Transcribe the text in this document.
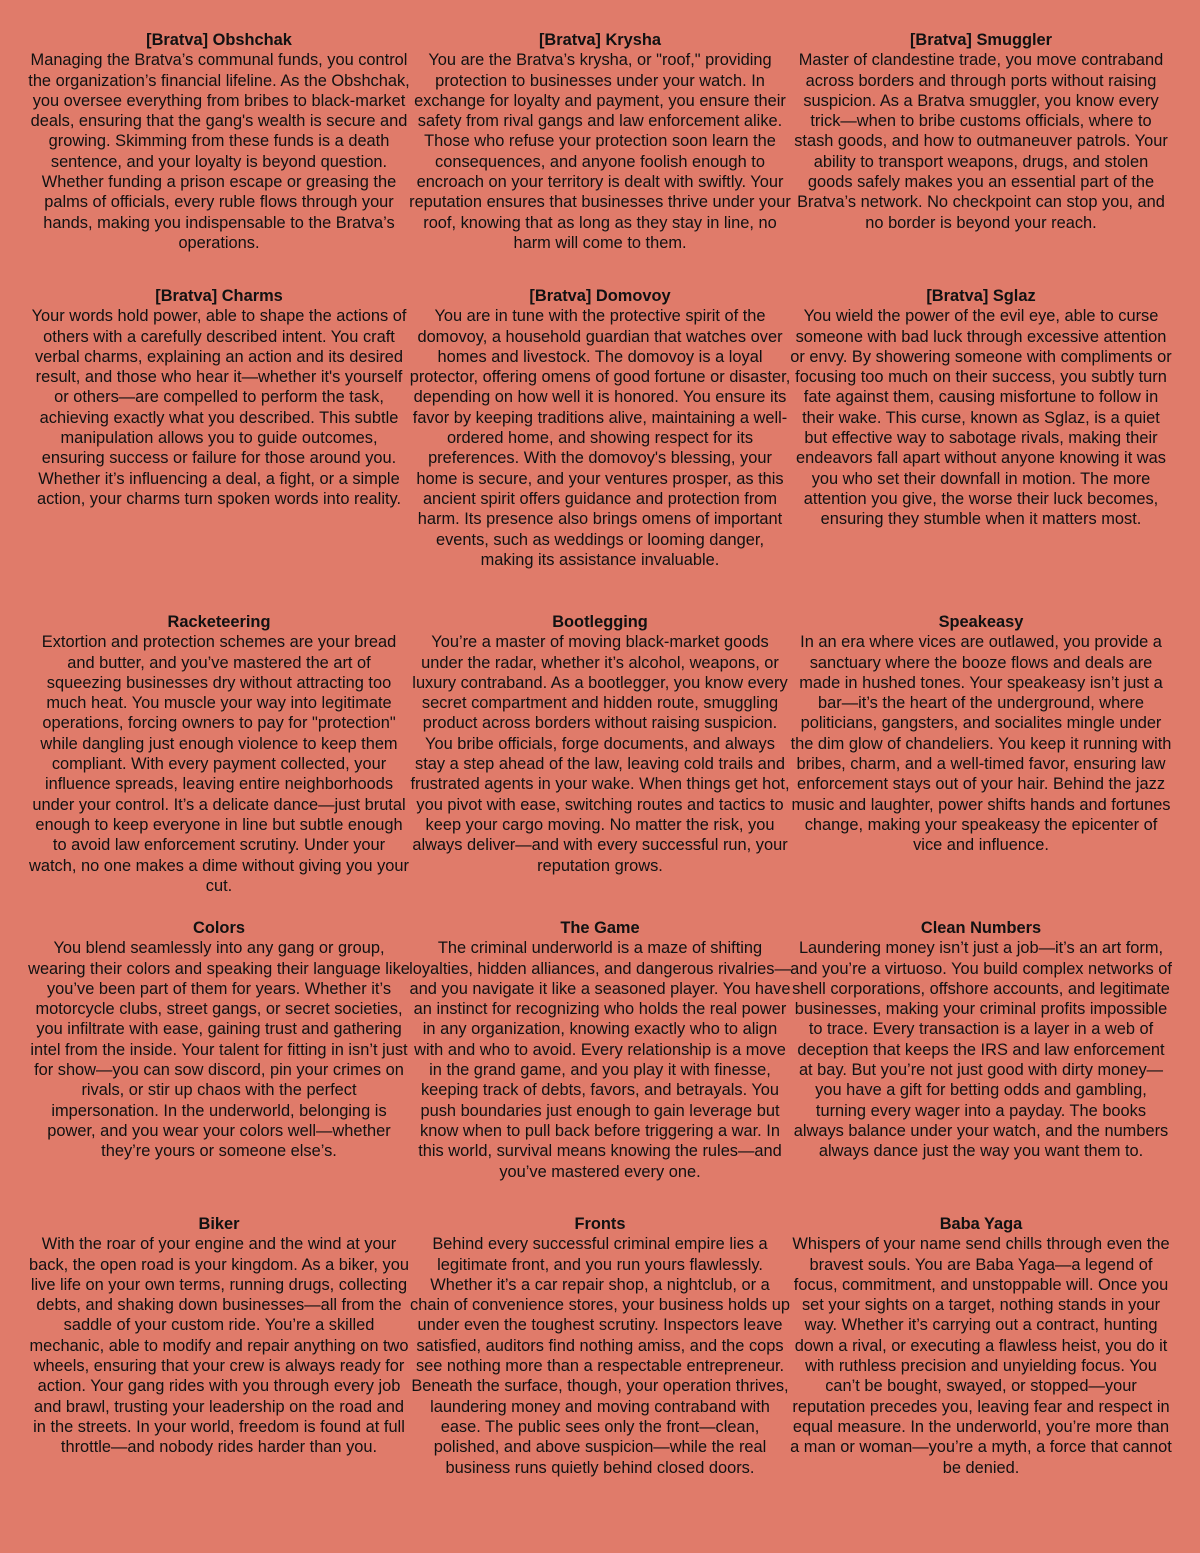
[Bratva] Obshchak
Managing the Bratva’s communal funds, you control the organization’s financial lifeline. As the Obshchak, you oversee everything from bribes to black-market deals, ensuring that the gang's wealth is secure and growing. Skimming from these funds is a death sentence, and your loyalty is beyond question. Whether funding a prison escape or greasing the palms of officials, every ruble flows through your hands, making you indispensable to the Bratva’s operations.
[Bratva] Krysha
You are the Bratva’s krysha, or "roof," providing protection to businesses under your watch. In exchange for loyalty and payment, you ensure their safety from rival gangs and law enforcement alike. Those who refuse your protection soon learn the consequences, and anyone foolish enough to encroach on your territory is dealt with swiftly. Your reputation ensures that businesses thrive under your roof, knowing that as long as they stay in line, no harm will come to them.
[Bratva] Smuggler
Master of clandestine trade, you move contraband across borders and through ports without raising suspicion. As a Bratva smuggler, you know every trick—when to bribe customs officials, where to stash goods, and how to outmaneuver patrols. Your ability to transport weapons, drugs, and stolen goods safely makes you an essential part of the Bratva’s network. No checkpoint can stop you, and no border is beyond your reach.
[Bratva] Charms
Your words hold power, able to shape the actions of others with a carefully described intent. You craft verbal charms, explaining an action and its desired result, and those who hear it—whether it's yourself or others—are compelled to perform the task, achieving exactly what you described. This subtle manipulation allows you to guide outcomes, ensuring success or failure for those around you. Whether it’s influencing a deal, a fight, or a simple action, your charms turn spoken words into reality.
[Bratva] Domovoy
You are in tune with the protective spirit of the domovoy, a household guardian that watches over homes and livestock. The domovoy is a loyal protector, offering omens of good fortune or disaster, depending on how well it is honored. You ensure its favor by keeping traditions alive, maintaining a well-ordered home, and showing respect for its preferences. With the domovoy's blessing, your home is secure, and your ventures prosper, as this ancient spirit offers guidance and protection from harm. Its presence also brings omens of important events, such as weddings or looming danger, making its assistance invaluable.
[Bratva] Sglaz
You wield the power of the evil eye, able to curse someone with bad luck through excessive attention or envy. By showering someone with compliments or focusing too much on their success, you subtly turn fate against them, causing misfortune to follow in their wake. This curse, known as Sglaz, is a quiet but effective way to sabotage rivals, making their endeavors fall apart without anyone knowing it was you who set their downfall in motion. The more attention you give, the worse their luck becomes, ensuring they stumble when it matters most.
Racketeering
Extortion and protection schemes are your bread and butter, and you’ve mastered the art of squeezing businesses dry without attracting too much heat. You muscle your way into legitimate operations, forcing owners to pay for "protection" while dangling just enough violence to keep them compliant. With every payment collected, your influence spreads, leaving entire neighborhoods under your control. It’s a delicate dance—just brutal enough to keep everyone in line but subtle enough to avoid law enforcement scrutiny. Under your watch, no one makes a dime without giving you your cut.
Bootlegging
You’re a master of moving black-market goods under the radar, whether it’s alcohol, weapons, or luxury contraband. As a bootlegger, you know every secret compartment and hidden route, smuggling product across borders without raising suspicion. You bribe officials, forge documents, and always stay a step ahead of the law, leaving cold trails and frustrated agents in your wake. When things get hot, you pivot with ease, switching routes and tactics to keep your cargo moving. No matter the risk, you always deliver—and with every successful run, your reputation grows.
Speakeasy
In an era where vices are outlawed, you provide a sanctuary where the booze flows and deals are made in hushed tones. Your speakeasy isn’t just a bar—it’s the heart of the underground, where politicians, gangsters, and socialites mingle under the dim glow of chandeliers. You keep it running with bribes, charm, and a well-timed favor, ensuring law enforcement stays out of your hair. Behind the jazz music and laughter, power shifts hands and fortunes change, making your speakeasy the epicenter of vice and influence.
Colors
You blend seamlessly into any gang or group, wearing their colors and speaking their language like you’ve been part of them for years. Whether it’s motorcycle clubs, street gangs, or secret societies, you infiltrate with ease, gaining trust and gathering intel from the inside. Your talent for fitting in isn’t just for show—you can sow discord, pin your crimes on rivals, or stir up chaos with the perfect impersonation. In the underworld, belonging is power, and you wear your colors well—whether they’re yours or someone else’s.
The Game
The criminal underworld is a maze of shifting loyalties, hidden alliances, and dangerous rivalries—and you navigate it like a seasoned player. You have an instinct for recognizing who holds the real power in any organization, knowing exactly who to align with and who to avoid. Every relationship is a move in the grand game, and you play it with finesse, keeping track of debts, favors, and betrayals. You push boundaries just enough to gain leverage but know when to pull back before triggering a war. In this world, survival means knowing the rules—and you’ve mastered every one.
Clean Numbers
Laundering money isn’t just a job—it’s an art form, and you’re a virtuoso. You build complex networks of shell corporations, offshore accounts, and legitimate businesses, making your criminal profits impossible to trace. Every transaction is a layer in a web of deception that keeps the IRS and law enforcement at bay. But you’re not just good with dirty money—you have a gift for betting odds and gambling, turning every wager into a payday. The books always balance under your watch, and the numbers always dance just the way you want them to.
Biker
With the roar of your engine and the wind at your back, the open road is your kingdom. As a biker, you live life on your own terms, running drugs, collecting debts, and shaking down businesses—all from the saddle of your custom ride. You’re a skilled mechanic, able to modify and repair anything on two wheels, ensuring that your crew is always ready for action. Your gang rides with you through every job and brawl, trusting your leadership on the road and in the streets. In your world, freedom is found at full throttle—and nobody rides harder than you.
Fronts
Behind every successful criminal empire lies a legitimate front, and you run yours flawlessly. Whether it’s a car repair shop, a nightclub, or a chain of convenience stores, your business holds up under even the toughest scrutiny. Inspectors leave satisfied, auditors find nothing amiss, and the cops see nothing more than a respectable entrepreneur. Beneath the surface, though, your operation thrives, laundering money and moving contraband with ease. The public sees only the front—clean, polished, and above suspicion—while the real business runs quietly behind closed doors.
Baba Yaga
Whispers of your name send chills through even the bravest souls. You are Baba Yaga—a legend of focus, commitment, and unstoppable will. Once you set your sights on a target, nothing stands in your way. Whether it’s carrying out a contract, hunting down a rival, or executing a flawless heist, you do it with ruthless precision and unyielding focus. You can’t be bought, swayed, or stopped—your reputation precedes you, leaving fear and respect in equal measure. In the underworld, you’re more than a man or woman—you’re a myth, a force that cannot be denied.
